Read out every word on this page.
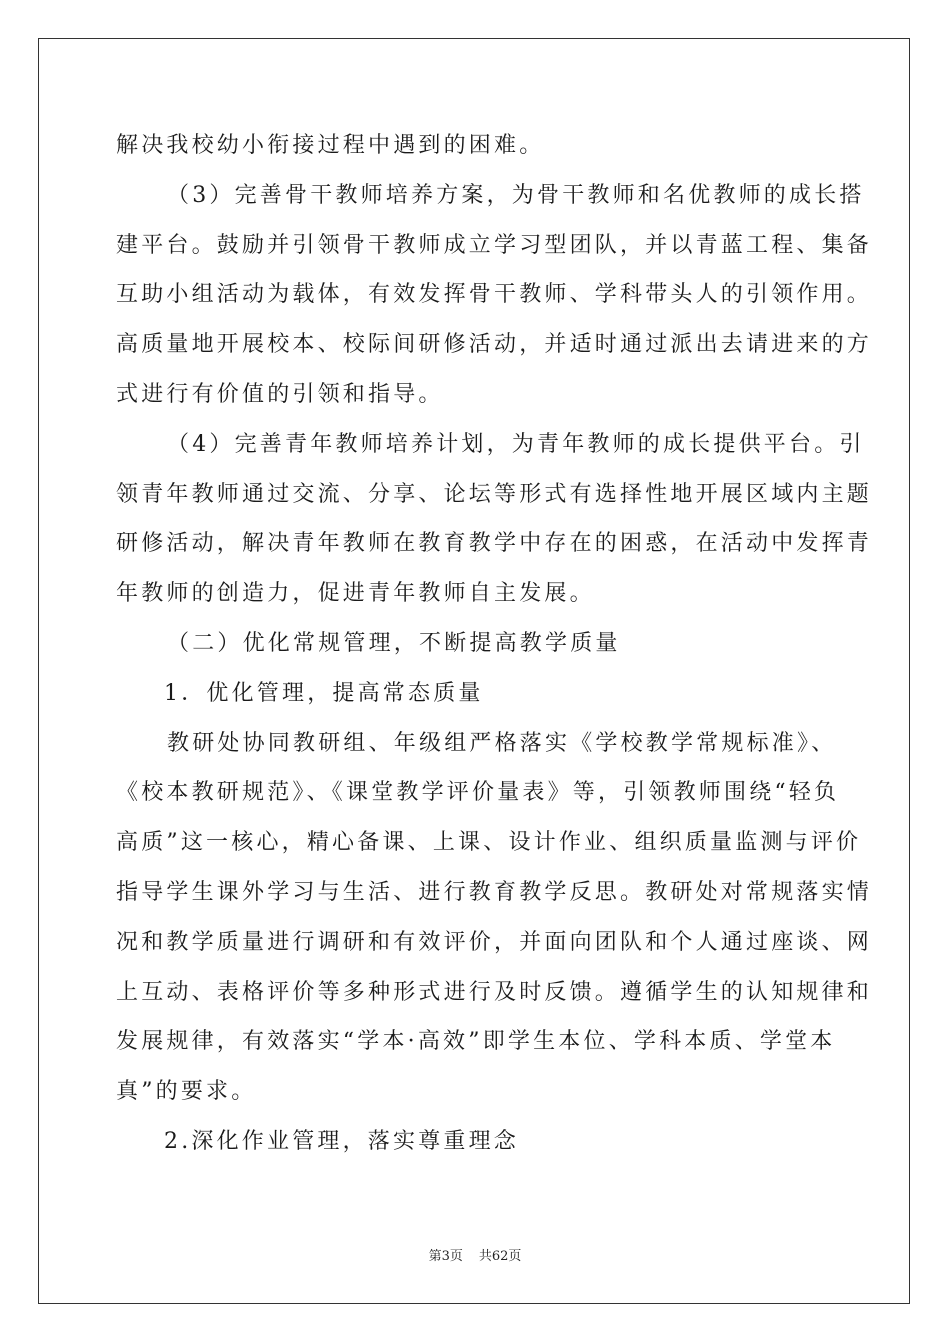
解决我校幼小衔接过程中遇到的困难。
（3）完善骨干教师培养方案，为骨干教师和名优教师的成长搭
建平台。鼓励并引领骨干教师成立学习型团队，并以青蓝工程、集备
互助小组活动为载体，有效发挥骨干教师、学科带头人的引领作用。
高质量地开展校本、校际间研修活动，并适时通过派出去请进来的方
式进行有价值的引领和指导。
（4）完善青年教师培养计划，为青年教师的成长提供平台。引
领青年教师通过交流、分享、论坛等形式有选择性地开展区域内主题
研修活动，解决青年教师在教育教学中存在的困惑，在活动中发挥青
年教师的创造力，促进青年教师自主发展。
（二）优化常规管理，不断提高教学质量
1．优化管理，提高常态质量
教研处协同教研组、年级组严格落实《学校教学常规标准》、
《校本教研规范》、《课堂教学评价量表》等，引领教师围绕“轻负
高质”这一核心，精心备课、上课、设计作业、组织质量监测与评价
指导学生课外学习与生活、进行教育教学反思。教研处对常规落实情
况和教学质量进行调研和有效评价，并面向团队和个人通过座谈、网
上互动、表格评价等多种形式进行及时反馈。遵循学生的认知规律和
发展规律，有效落实“学本·高效”即学生本位、学科本质、学堂本
真”的要求。
2.深化作业管理，落实尊重理念
第3页 共62页
